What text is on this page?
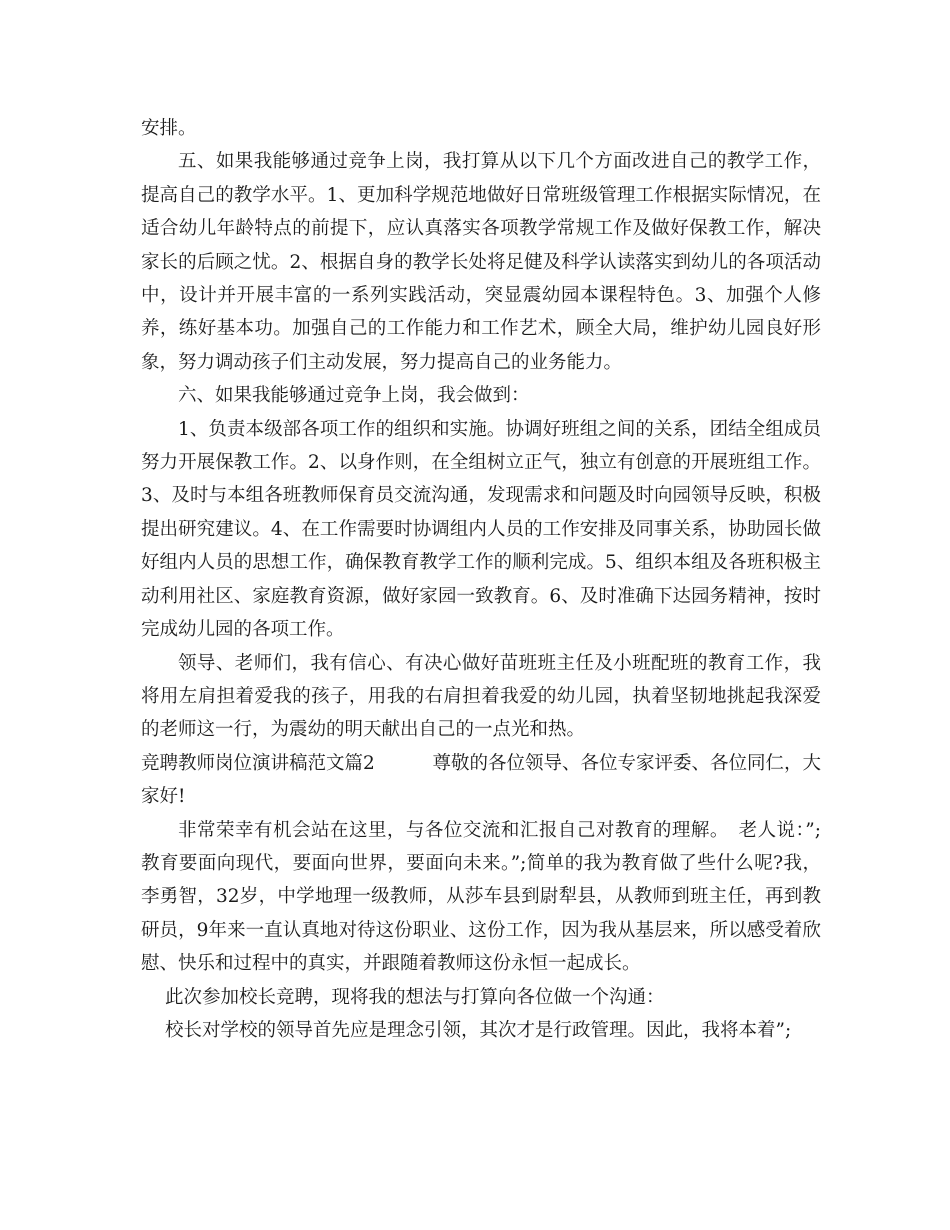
安排。

五、如果我能够通过竞争上岗，我打算从以下几个方面改进自己的教学工作，提高自己的教学水平。1、更加科学规范地做好日常班级管理工作根据实际情况，在适合幼儿年龄特点的前提下，应认真落实各项教学常规工作及做好保教工作，解决家长的后顾之忧。2、根据自身的教学长处将足健及科学认读落实到幼儿的各项活动中，设计并开展丰富的一系列实践活动，突显震幼园本课程特色。3、加强个人修养，练好基本功。加强自己的工作能力和工作艺术，顾全大局，维护幼儿园良好形象，努力调动孩子们主动发展，努力提高自己的业务能力。

六、如果我能够通过竞争上岗，我会做到：

1、负责本级部各项工作的组织和实施。协调好班组之间的关系，团结全组成员努力开展保教工作。2、以身作则，在全组树立正气，独立有创意的开展班组工作。3、及时与本组各班教师保育员交流沟通，发现需求和问题及时向园领导反映，积极提出研究建议。4、在工作需要时协调组内人员的工作安排及同事关系，协助园长做好组内人员的思想工作，确保教育教学工作的顺利完成。5、组织本组及各班积极主动利用社区、家庭教育资源，做好家园一致教育。6、及时准确下达园务精神，按时完成幼儿园的各项工作。

领导、老师们，我有信心、有决心做好苗班班主任及小班配班的教育工作，我将用左肩担着爱我的孩子，用我的右肩担着我爱的幼儿园，执着坚韧地挑起我深爱的老师这一行，为震幼的明天献出自己的一点光和热。

竞聘教师岗位演讲稿范文篇2	尊敬的各位领导、各位专家评委、各位同仁，大

家好!

非常荣幸有机会站在这里，与各位交流和汇报自己对教育的理解。　老人说：”;教育要面向现代，要面向世界，要面向未来。”;简单的我为教育做了些什么呢?我，李勇智，32岁，中学地理一级教师，从莎车县到尉犁县，从教师到班主任，再到教研员，9年来一直认真地对待这份职业、这份工作，因为我从基层来，所以感受着欣慰、快乐和过程中的真实，并跟随着教师这份永恒一起成长。

此次参加校长竞聘，现将我的想法与打算向各位做一个沟通：

校长对学校的领导首先应是理念引领，其次才是行政管理。因此，我将本着”;
